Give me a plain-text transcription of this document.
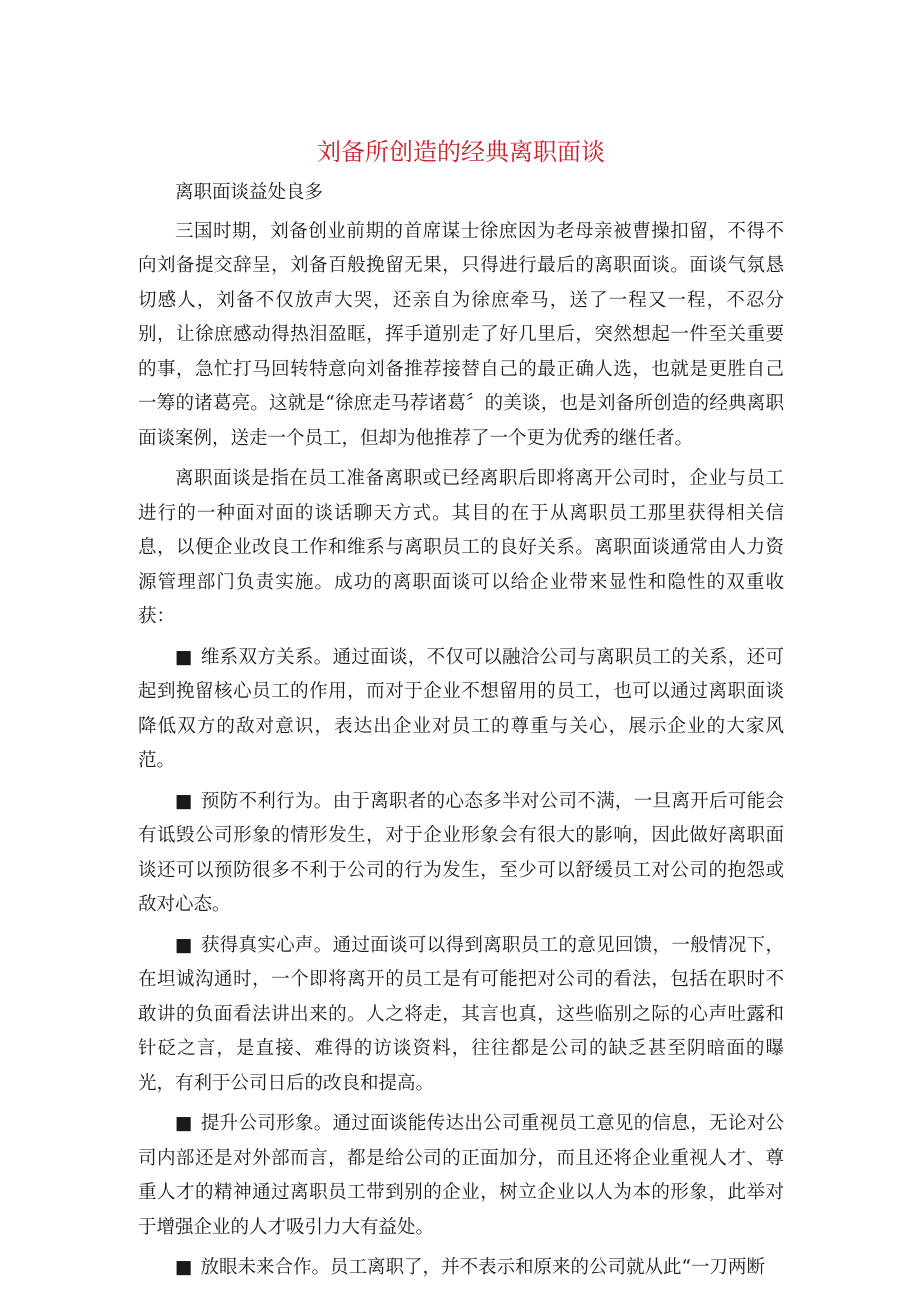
刘备所创造的经典离职面谈

离职面谈益处良多

三国时期，刘备创业前期的首席谋士徐庶因为老母亲被曹操扣留，不得不向刘备提交辞呈，刘备百般挽留无果，只得进行最后的离职面谈。面谈气氛恳切感人，刘备不仅放声大哭，还亲自为徐庶牵马，送了一程又一程，不忍分别，让徐庶感动得热泪盈眶，挥手道别走了好几里后，突然想起一件至关重要的事，急忙打马回转特意向刘备推荐接替自己的最正确人选，也就是更胜自己一筹的诸葛亮。这就是“徐庶走马荐诸葛〞的美谈，也是刘备所创造的经典离职面谈案例，送走一个员工，但却为他推荐了一个更为优秀的继任者。

离职面谈是指在员工准备离职或已经离职后即将离开公司时，企业与员工进行的一种面对面的谈话聊天方式。其目的在于从离职员工那里获得相关信息，以便企业改良工作和维系与离职员工的良好关系。离职面谈通常由人力资源管理部门负责实施。成功的离职面谈可以给企业带来显性和隐性的双重收获：

■ 维系双方关系。通过面谈，不仅可以融洽公司与离职员工的关系，还可起到挽留核心员工的作用，而对于企业不想留用的员工，也可以通过离职面谈降低双方的敌对意识，表达出企业对员工的尊重与关心，展示企业的大家风范。

■ 预防不利行为。由于离职者的心态多半对公司不满，一旦离开后可能会有诋毁公司形象的情形发生，对于企业形象会有很大的影响，因此做好离职面谈还可以预防很多不利于公司的行为发生，至少可以舒缓员工对公司的抱怨或敌对心态。

■ 获得真实心声。通过面谈可以得到离职员工的意见回馈，一般情况下，在坦诚沟通时，一个即将离开的员工是有可能把对公司的看法，包括在职时不敢讲的负面看法讲出来的。人之将走，其言也真，这些临别之际的心声吐露和针砭之言，是直接、难得的访谈资料，往往都是公司的缺乏甚至阴暗面的曝光，有利于公司日后的改良和提高。

■ 提升公司形象。通过面谈能传达出公司重视员工意见的信息，无论对公司内部还是对外部而言，都是给公司的正面加分，而且还将企业重视人才、尊重人才的精神通过离职员工带到别的企业，树立企业以人为本的形象，此举对于增强企业的人才吸引力大有益处。

■ 放眼未来合作。员工离职了，并不表示和原来的公司就从此“一刀两断
